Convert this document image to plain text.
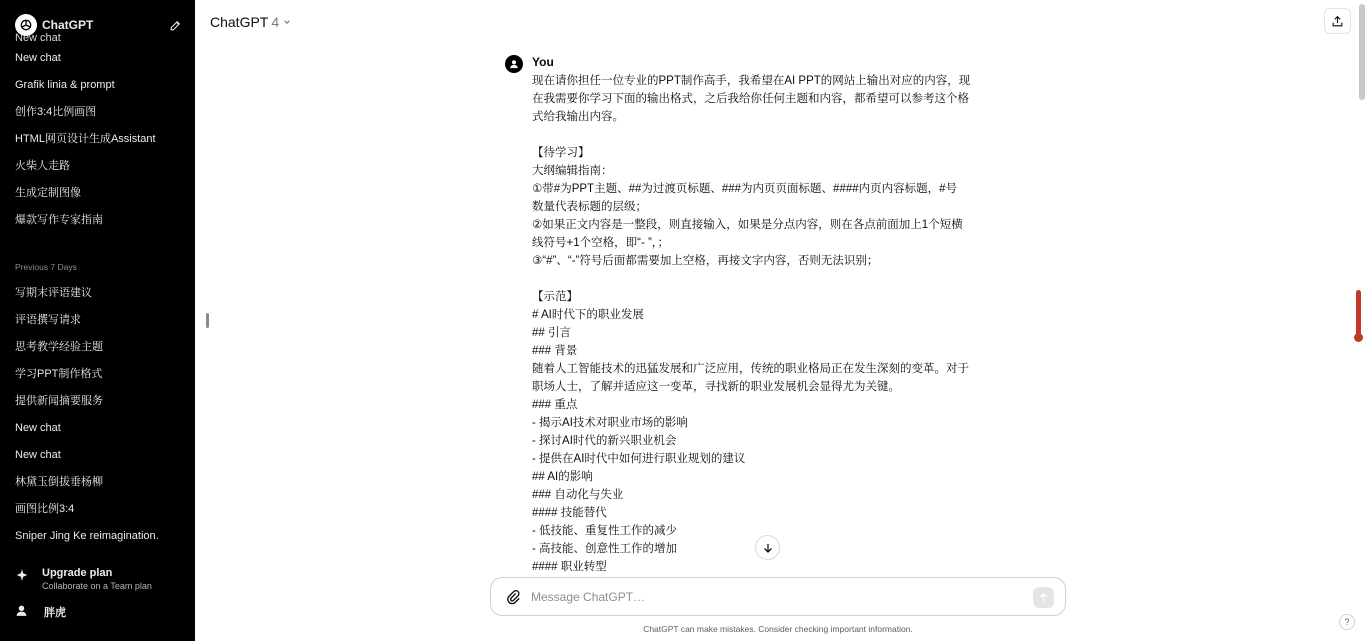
ChatGPT
New chat
New chat
Grafik linia & prompt
创作3:4比例画图
HTML网页设计生成Assistant
火柴人走路
生成定制图像
爆款写作专家指南
Previous 7 Days
写期末评语建议
评语撰写请求
思考教学经验主题
学习PPT制作格式
提供新闻摘要服务
New chat
New chat
林黛玉倒拔垂杨柳
画图比例3:4
Sniper Jing Ke reimagination.
Upgrade plan
Collaborate on a Team plan
胖虎
ChatGPT 4
You
现在请你担任一位专业的PPT制作高手，我希望在AI PPT的网站上输出对应的内容，现
在我需要你学习下面的输出格式，之后我给你任何主题和内容，都希望可以参考这个格
式给我输出内容。
【待学习】
大纲编辑指南：
①带#为PPT主题、##为过渡页标题、###为内页页面标题、####内页内容标题，#号
数量代表标题的层级；
②如果正文内容是一整段，则直接输入，如果是分点内容，则在各点前面加上1个短横
线符号+1个空格，即“- ”，；
③“#”、“-”符号后面都需要加上空格，再接文字内容，否则无法识别；
【示范】
# AI时代下的职业发展
## 引言
### 背景
随着人工智能技术的迅猛发展和广泛应用，传统的职业格局正在发生深刻的变革。对于
职场人士，了解并适应这一变革，寻找新的职业发展机会显得尤为关键。
### 重点
- 揭示AI技术对职业市场的影响
- 探讨AI时代的新兴职业机会
- 提供在AI时代中如何进行职业规划的建议
## AI的影响
### 自动化与失业
#### 技能替代
- 低技能、重复性工作的减少
- 高技能、创意性工作的增加
#### 职业转型
Message ChatGPT…
ChatGPT can make mistakes. Consider checking important information.
?
